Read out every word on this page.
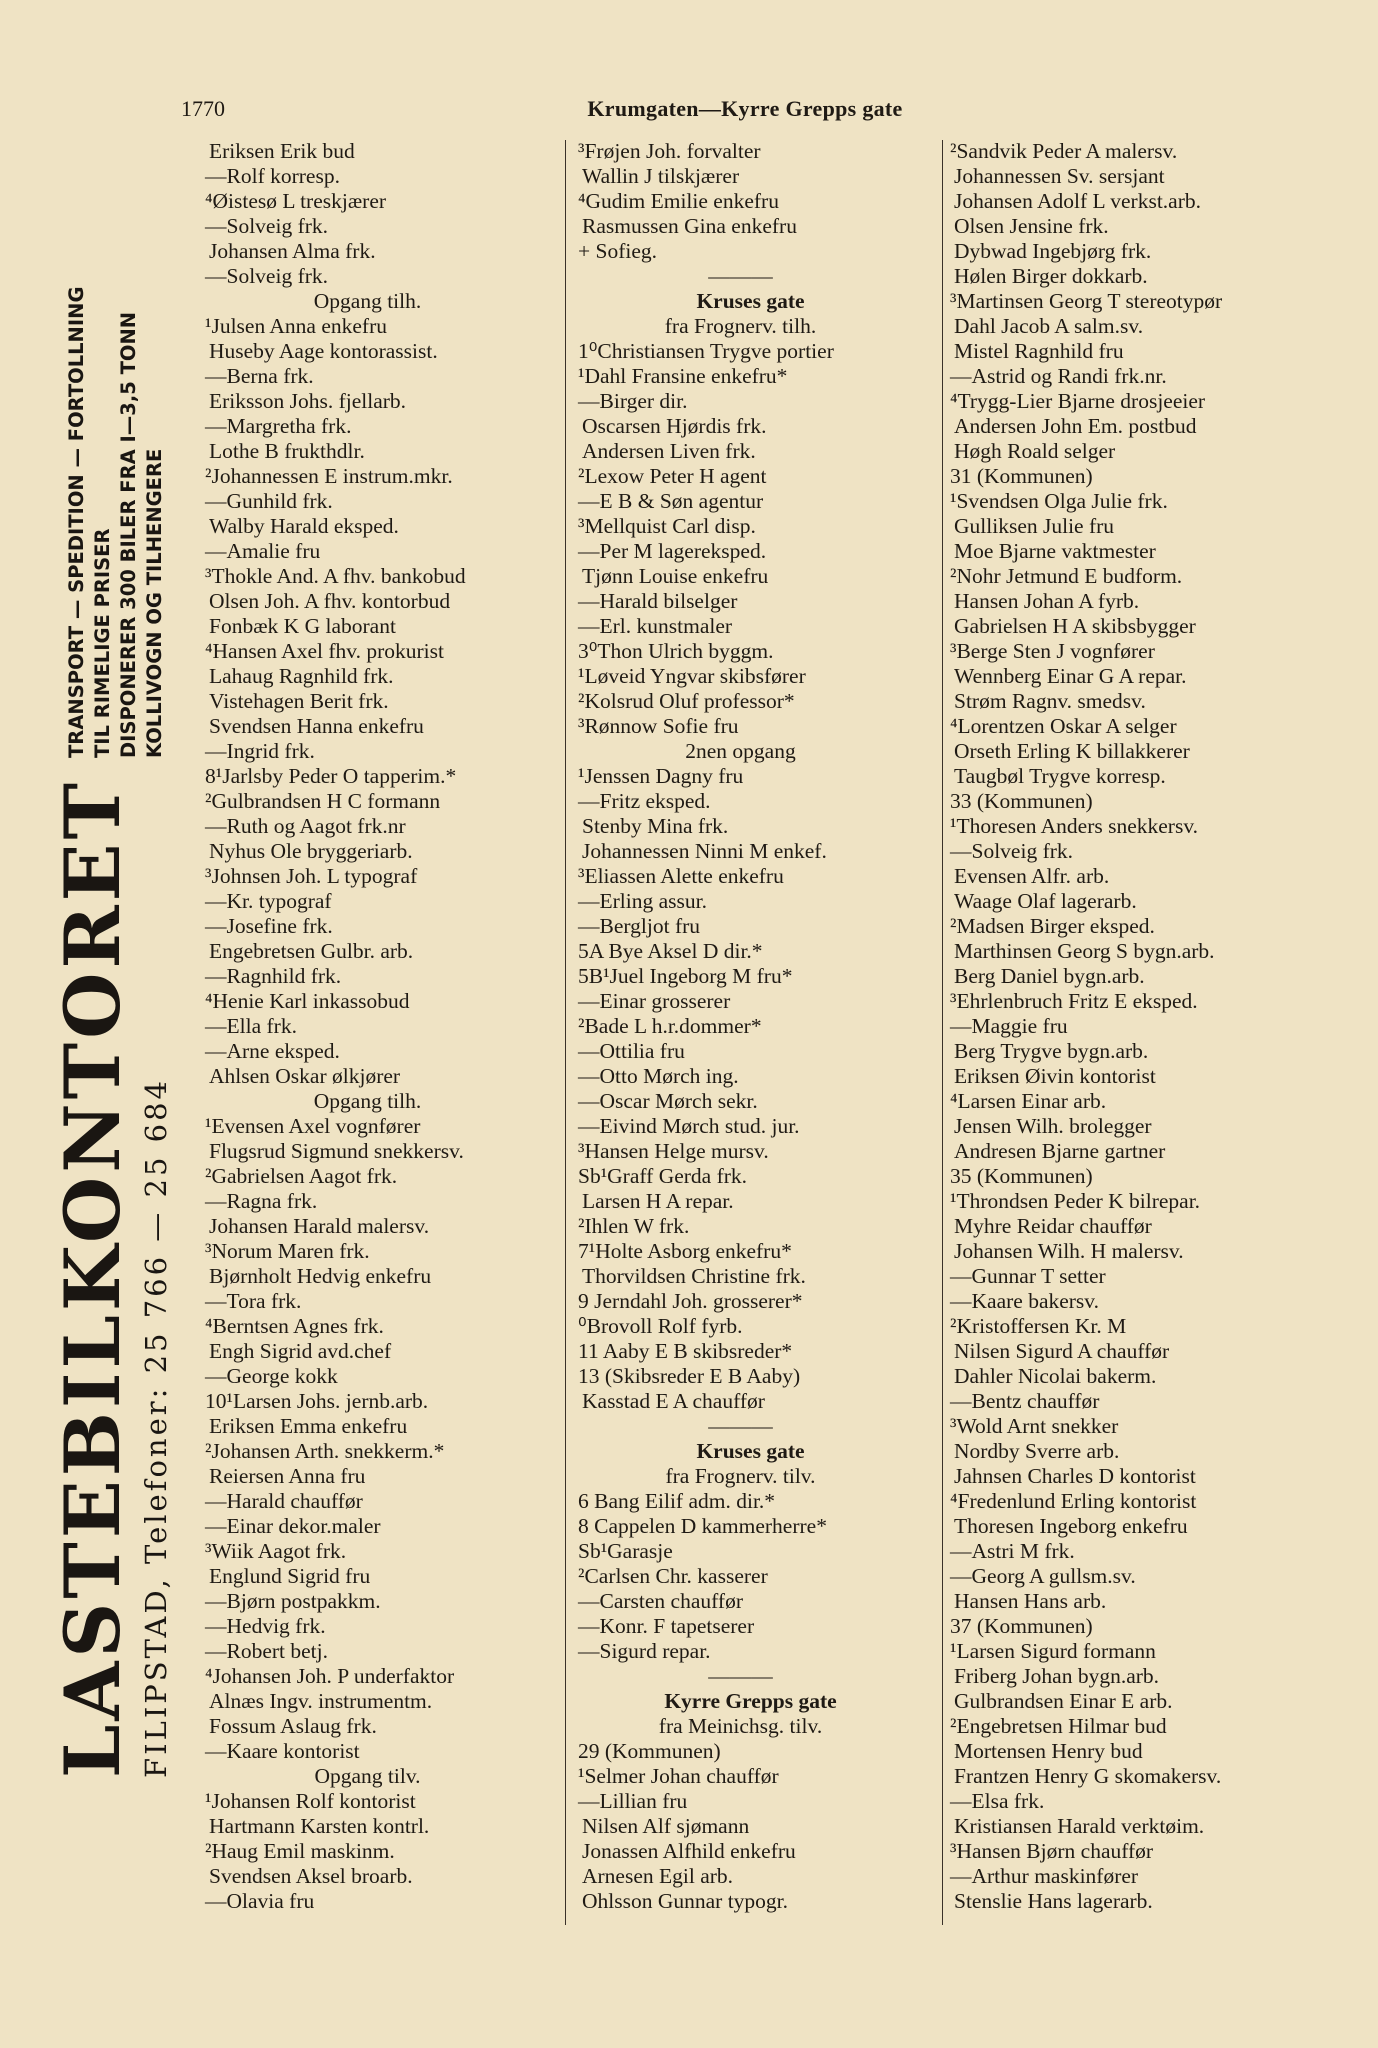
1770	Krumgaten—Kyrre Grepps gate
TRANSPORT — SPEDITION — FORTOLLNING TIL RIMELIGE PRISER DISPONERER 300 BILER FRA I—3,5 TONN KOLLIVOGN OG TILHENGERE
LASTEBILKONTORET FILIPSTAD, Telefoner: 25 766 — 25 684
Eriksen Erik bud
—Rolf korresp.
⁴Øistesø L treskjærer
—Solveig frk.
Johansen Alma frk.
—Solveig frk.
Opgang tilh.
¹Julsen Anna enkefru
Huseby Aage kontorassist.
—Berna frk.
Eriksson Johs. fjellarb.
—Margretha frk.
Lothe B frukthdlr.
²Johannessen E instrum.mkr.
—Gunhild frk.
Walby Harald eksped.
—Amalie fru
³Thokle And. A fhv. bankobud
Olsen Joh. A fhv. kontorbud
Fonbæk K G laborant
⁴Hansen Axel fhv. prokurist
Lahaug Ragnhild frk.
Vistehagen Berit frk.
Svendsen Hanna enkefru
—Ingrid frk.
8¹Jarlsby Peder O tapperim.*
²Gulbrandsen H C formann
—Ruth og Aagot frk.nr
Nyhus Ole bryggeriarb.
³Johnsen Joh. L typograf
—Kr. typograf
—Josefine frk.
Engebretsen Gulbr. arb.
—Ragnhild frk.
⁴Henie Karl inkassobud
—Ella frk.
—Arne eksped.
Ahlsen Oskar ølkjører
Opgang tilh.
¹Evensen Axel vognfører
Flugsrud Sigmund snekkersv.
²Gabrielsen Aagot frk.
—Ragna frk.
Johansen Harald malersv.
³Norum Maren frk.
Bjørnholt Hedvig enkefru
—Tora frk.
⁴Berntsen Agnes frk.
Engh Sigrid avd.chef
—George kokk
10¹Larsen Johs. jernb.arb.
Eriksen Emma enkefru
²Johansen Arth. snekkerm.*
Reiersen Anna fru
—Harald chauffør
—Einar dekor.maler
³Wiik Aagot frk.
Englund Sigrid fru
—Bjørn postpakkm.
—Hedvig frk.
—Robert betj.
⁴Johansen Joh. P underfaktor
Alnæs Ingv. instrumentm.
Fossum Aslaug frk.
—Kaare kontorist
Opgang tilv.
¹Johansen Rolf kontorist
Hartmann Karsten kontrl.
²Haug Emil maskinm.
Svendsen Aksel broarb.
—Olavia fru
³Frøjen Joh. forvalter
Wallin J tilskjærer
⁴Gudim Emilie enkefru
Rasmussen Gina enkefru
+ Sofieg.
———
Kruses gate
fra Frognerv. tilh.
1⁰Christiansen Trygve portier
¹Dahl Fransine enkefru*
—Birger dir.
Oscarsen Hjørdis frk.
Andersen Liven frk.
²Lexow Peter H agent
—E B & Søn agentur
³Mellquist Carl disp.
—Per M lagerekspеd.
Tjønn Louise enkefru
—Harald bilselger
—Erl. kunstmaler
3⁰Thon Ulrich byggm.
¹Løveid Yngvar skibsfører
²Kolsrud Oluf professor*
³Rønnow Sofie fru
2nen opgang
¹Jenssen Dagny fru
—Fritz eksped.
Stenby Mina frk.
Johannessen Ninni M enkef.
³Eliassen Alette enkefru
—Erling assur.
—Bergljot fru
5A Bye Aksel D dir.*
5B¹Juel Ingeborg M fru*
—Einar grosserer
²Bade L h.r.dommer*
—Ottilia fru
—Otto Mørch ing.
—Oscar Mørch sekr.
—Eivind Mørch stud. jur.
³Hansen Helge mursv.
Sb¹Graff Gerda frk.
Larsen H A repar.
²Ihlen W frk.
7¹Holte Asborg enkefru*
Thorvildsen Christine frk.
9 Jerndahl Joh. grosserer*
⁰Brovoll Rolf fyrb.
11 Aaby E B skibsreder*
13 (Skibsreder E B Aaby)
Kasstad E A chauffør
———
Kruses gate
fra Frognerv. tilv.
6 Bang Eilif adm. dir.*
8 Cappelen D kammerherre*
Sb¹Garasje
²Carlsen Chr. kasserer
—Carsten chauffør
—Konr. F tapetserer
—Sigurd repar.
———
Kyrre Grepps gate
fra Meinichsg. tilv.
29 (Kommunen)
¹Selmer Johan chauffør
—Lillian fru
Nilsen Alf sjømann
Jonassen Alfhild enkefru
Arnesen Egil arb.
Ohlsson Gunnar typogr.
²Sandvik Peder A malersv.
Johannessen Sv. sersjant
Johansen Adolf L verkst.arb.
Olsen Jensine frk.
Dybwad Ingebjørg frk.
Hølen Birger dokkarb.
³Martinsen Georg T stereotypør
Dahl Jacob A salm.sv.
Mistel Ragnhild fru
—Astrid og Randi frk.nr.
⁴Trygg-Lier Bjarne drosjeeier
Andersen John Em. postbud
Høgh Roald selger
31 (Kommunen)
¹Svendsen Olga Julie frk.
Gulliksen Julie fru
Moe Bjarne vaktmester
²Nohr Jetmund E budform.
Hansen Johan A fyrb.
Gabrielsen H A skibsbygger
³Berge Sten J vognfører
Wennberg Einar G A repar.
Strøm Ragnv. smedsv.
⁴Lorentzen Oskar A selger
Orseth Erling K billakkerer
Taugbøl Trygve korresp.
33 (Kommunen)
¹Thoresen Anders snekkersv.
—Solveig frk.
Evensen Alfr. arb.
Waage Olaf lagerarb.
²Madsen Birger eksped.
Marthinsen Georg S bygn.arb.
Berg Daniel bygn.arb.
³Ehrlenbruch Fritz E eksped.
—Maggie fru
Berg Trygve bygn.arb.
Eriksen Øivin kontorist
⁴Larsen Einar arb.
Jensen Wilh. brolegger
Andresen Bjarne gartner
35 (Kommunen)
¹Throndsen Peder K bilrepar.
Myhre Reidar chauffør
Johansen Wilh. H malersv.
—Gunnar T setter
—Kaare bakersv.
²Kristoffersen Kr. M
Nilsen Sigurd A chauffør
Dahler Nicolai bakerm.
—Bentz chauffør
³Wold Arnt snekker
Nordby Sverre arb.
Jahnsen Charles D kontorist
⁴Fredenlund Erling kontorist
Thoresen Ingeborg enkefru
—Astri M frk.
—Georg A gullsm.sv.
Hansen Hans arb.
37 (Kommunen)
¹Larsen Sigurd formann
Friberg Johan bygn.arb.
Gulbrandsen Einar E arb.
²Engebretsen Hilmar bud
Mortensen Henry bud
Frantzen Henry G skomakersv.
—Elsa frk.
Kristiansen Harald verktøim.
³Hansen Bjørn chauffør
—Arthur maskinfører
Stenslie Hans lagerarb.
